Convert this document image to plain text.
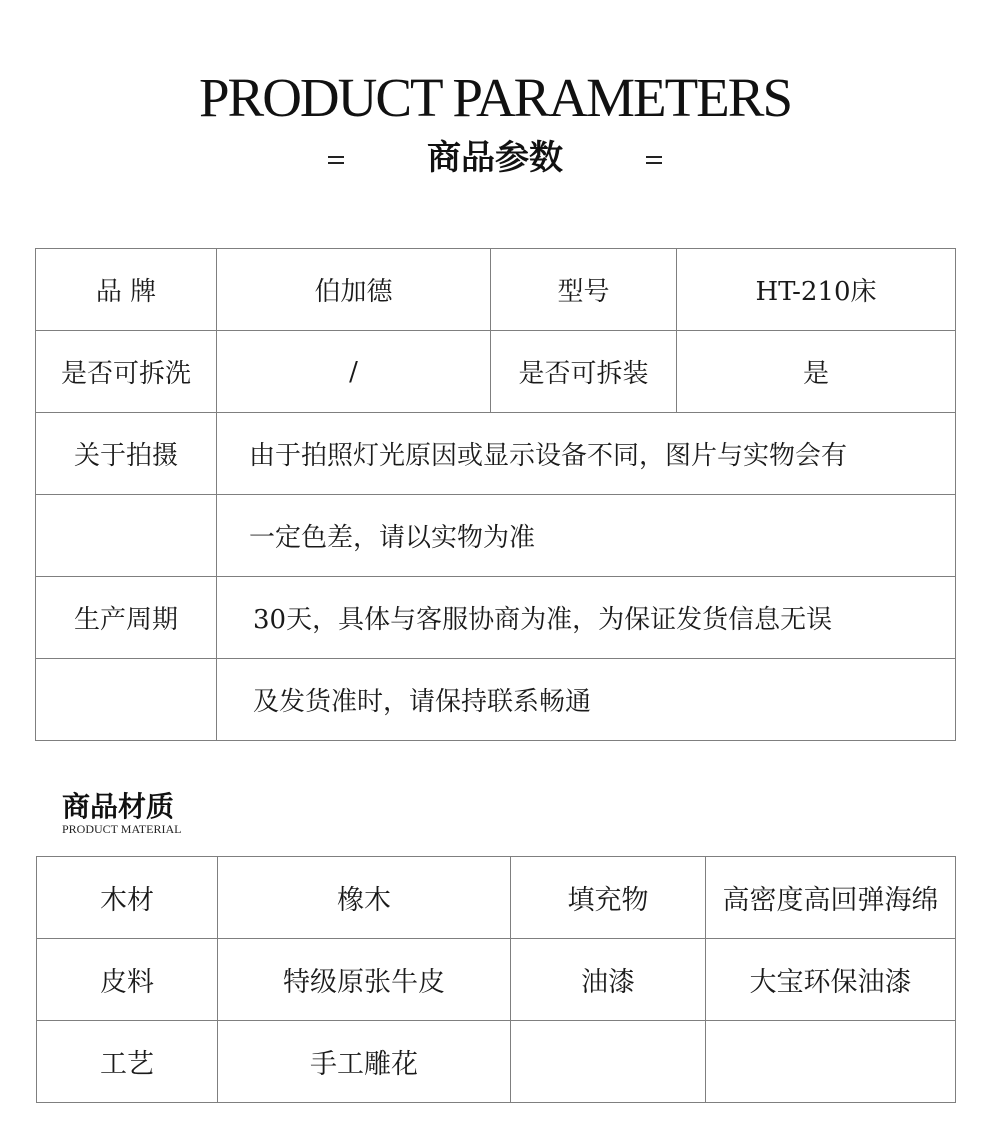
PRODUCT PARAMETERS
商品参数
品 牌	伯加德	型号	HT-210床
是否可拆洗	/	是否可拆装	是
关于拍摄	由于拍照灯光原因或显示设备不同，图片与实物会有		
	一定色差，请以实物为准		
生产周期	30天，具体与客服协商为准，为保证发货信息无误		
	及发货准时，请保持联系畅通		
商品材质
PRODUCT MATERIAL
木材	橡木	填充物	高密度高回弹海绵
皮料	特级原张牛皮	油漆	大宝环保油漆
工艺	手工雕花		
